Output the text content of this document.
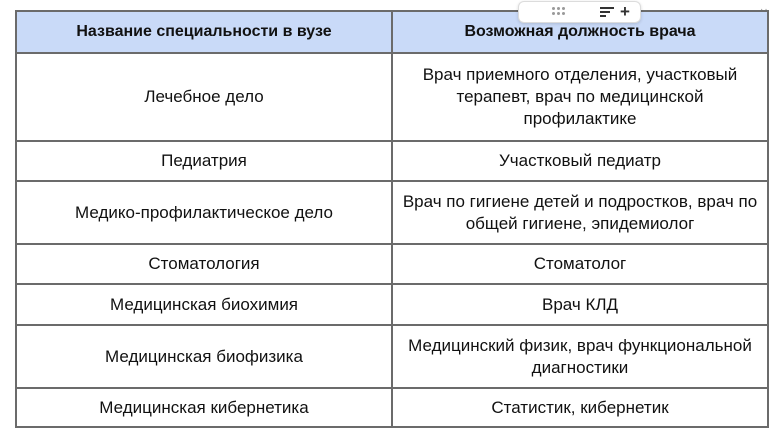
Название специальности в вузе	Возможная должность врача
Лечебное дело	Врач приемного отделения, участковый терапевт, врач по медицинской профилактике
Педиатрия	Участковый педиатр
Медико-профилактическое дело	Врач по гигиене детей и подростков, врач по общей гигиене, эпидемиолог
Стоматология	Стоматолог
Медицинская биохимия	Врач КЛД
Медицинская биофизика	Медицинский физик, врач функциональной диагностики
Медицинская кибернетика	Статистик, кибернетик
+	··
